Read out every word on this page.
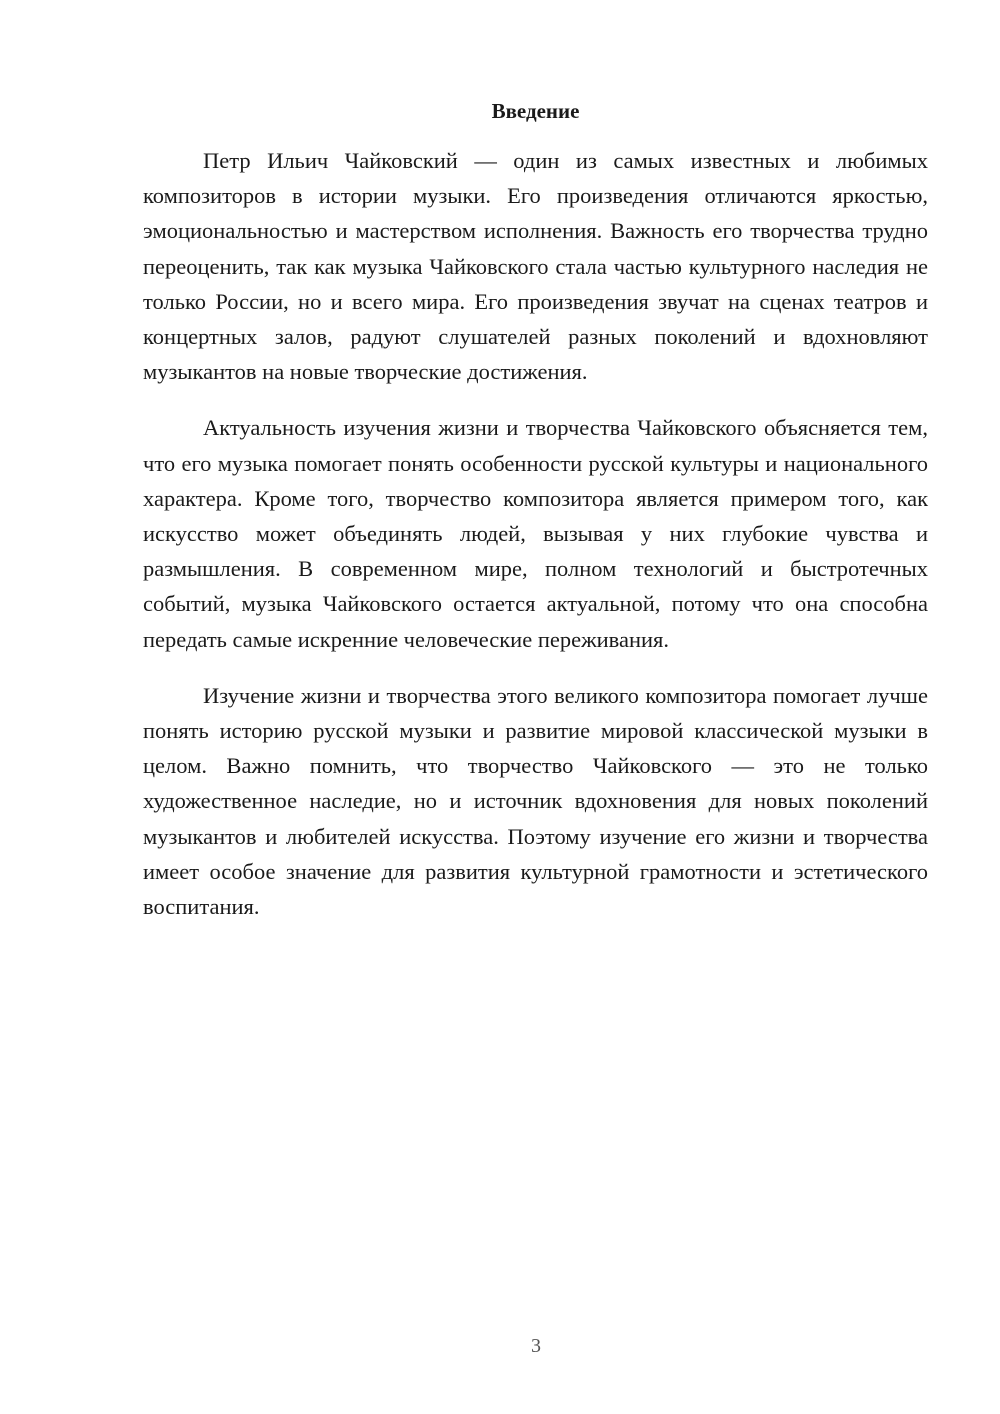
Введение

Петр Ильич Чайковский — один из самых известных и любимых композиторов в истории музыки. Его произведения отличаются яркостью, эмоциональностью и мастерством исполнения. Важность его творчества трудно переоценить, так как музыка Чайковского стала частью культурного наследия не только России, но и всего мира. Его произведения звучат на сценах театров и концертных залов, радуют слушателей разных поколений и вдохновляют музыкантов на новые творческие достижения.

Актуальность изучения жизни и творчества Чайковского объясняется тем, что его музыка помогает понять особенности русской культуры и национального характера. Кроме того, творчество композитора является примером того, как искусство может объединять людей, вызывая у них глубокие чувства и размышления. В современном мире, полном технологий и быстротечных событий, музыка Чайковского остается актуальной, потому что она способна передать самые искренние человеческие переживания.

Изучение жизни и творчества этого великого композитора помогает лучше понять историю русской музыки и развитие мировой классической музыки в целом. Важно помнить, что творчество Чайковского — это не только художественное наследие, но и источник вдохновения для новых поколений музыкантов и любителей искусства. Поэтому изучение его жизни и творчества имеет особое значение для развития культурной грамотности и эстетического воспитания.

3
